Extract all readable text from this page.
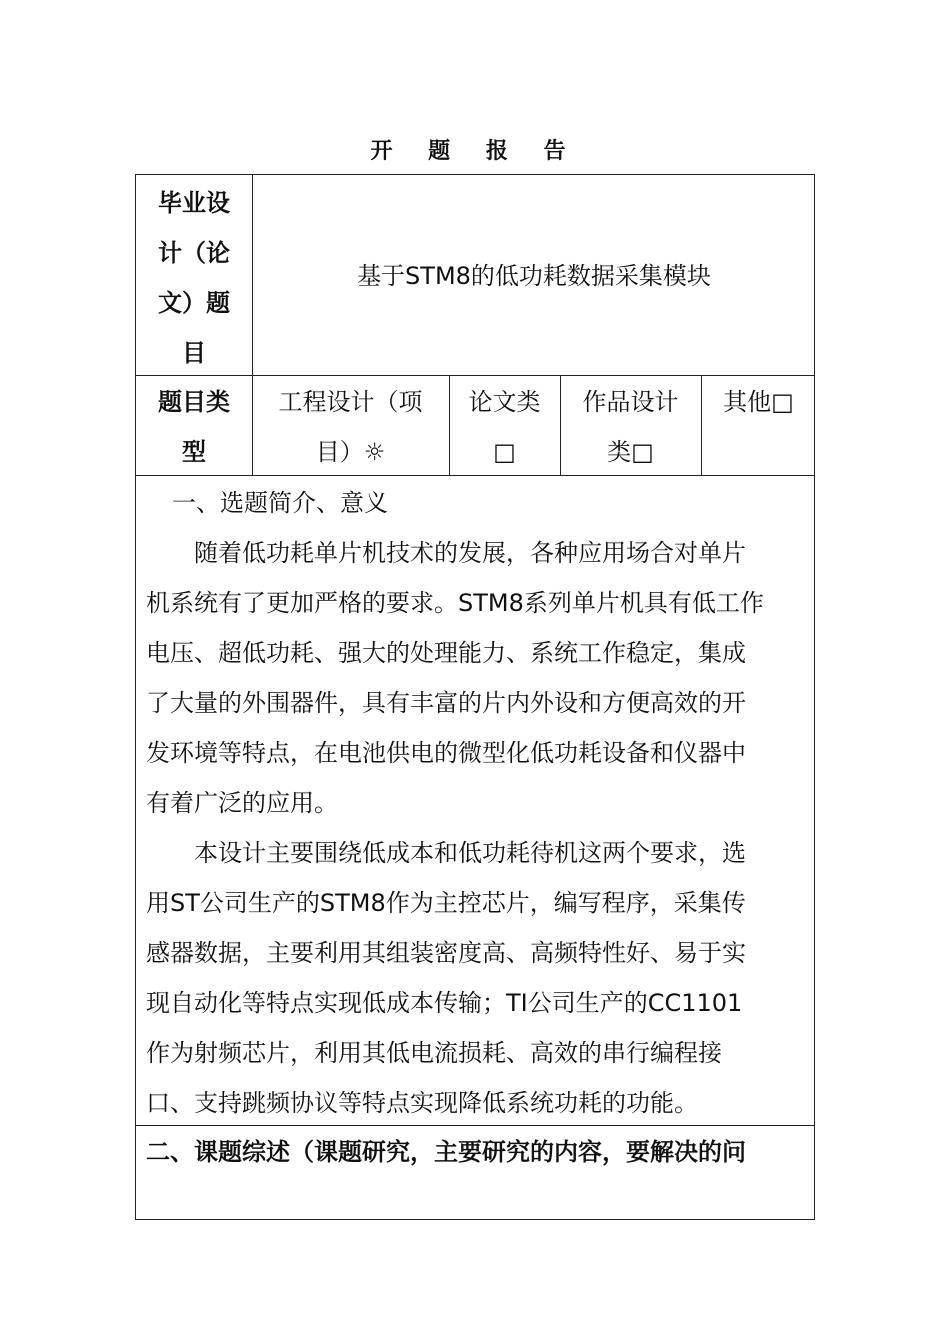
开 题 报 告
毕业设
计（论
文）题
目
基于STM8的低功耗数据采集模块
题目类
型
工程设计（项
目）☼
论文类
□
作品设计
类□
其他□
一、选题简介、意义
随着低功耗单片机技术的发展，各种应用场合对单片
机系统有了更加严格的要求。STM8系列单片机具有低工作
电压、超低功耗、强大的处理能力、系统工作稳定，集成
了大量的外围器件，具有丰富的片内外设和方便高效的开
发环境等特点，在电池供电的微型化低功耗设备和仪器中
有着广泛的应用。
本设计主要围绕低成本和低功耗待机这两个要求，选
用ST公司生产的STM8作为主控芯片，编写程序，采集传
感器数据，主要利用其组装密度高、高频特性好、易于实
现自动化等特点实现低成本传输；TI公司生产的CC1101
作为射频芯片，利用其低电流损耗、高效的串行编程接
口、支持跳频协议等特点实现降低系统功耗的功能。
二、课题综述（课题研究，主要研究的内容，要解决的问
